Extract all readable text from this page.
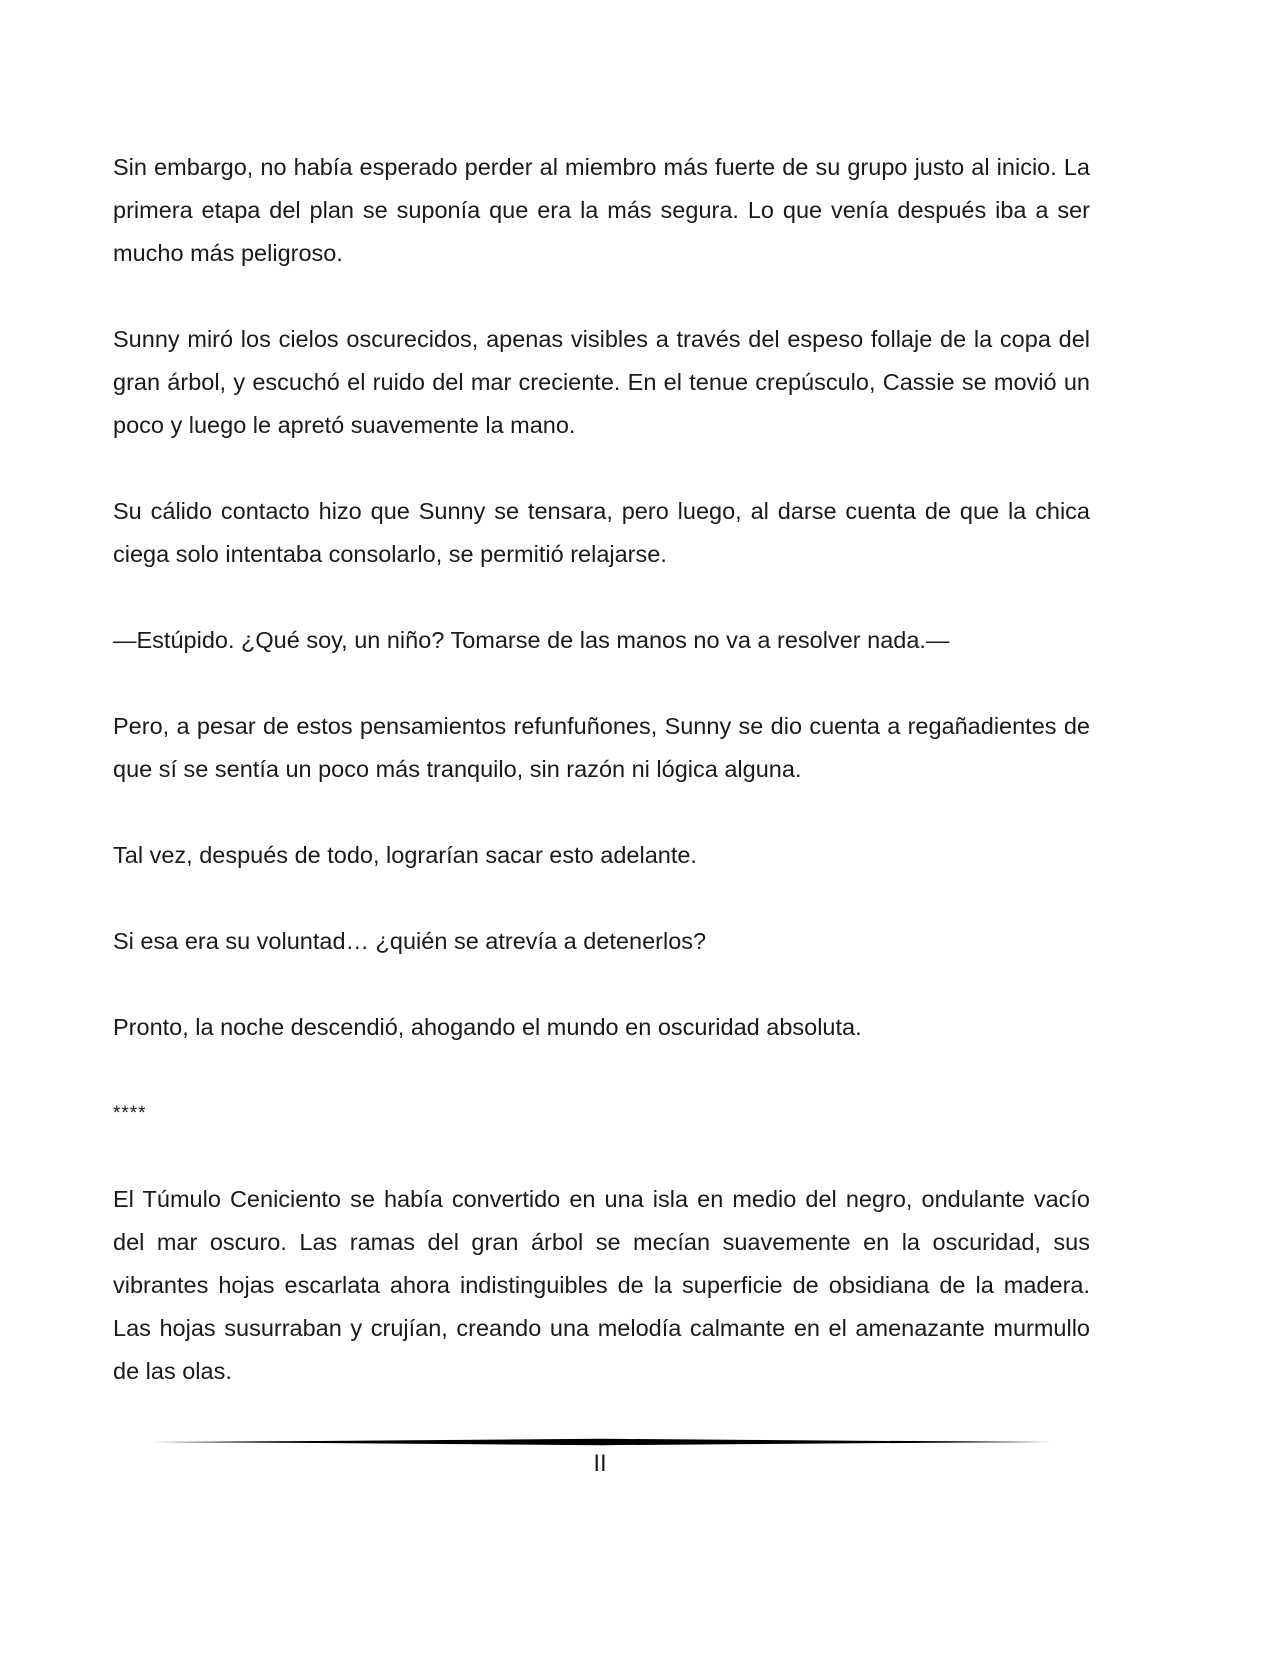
Sin embargo, no había esperado perder al miembro más fuerte de su grupo justo al inicio. La primera etapa del plan se suponía que era la más segura. Lo que venía después iba a ser mucho más peligroso.

Sunny miró los cielos oscurecidos, apenas visibles a través del espeso follaje de la copa del gran árbol, y escuchó el ruido del mar creciente. En el tenue crepúsculo, Cassie se movió un poco y luego le apretó suavemente la mano.

Su cálido contacto hizo que Sunny se tensara, pero luego, al darse cuenta de que la chica ciega solo intentaba consolarlo, se permitió relajarse.

—Estúpido. ¿Qué soy, un niño? Tomarse de las manos no va a resolver nada.—

Pero, a pesar de estos pensamientos refunfuñones, Sunny se dio cuenta a regañadientes de que sí se sentía un poco más tranquilo, sin razón ni lógica alguna.

Tal vez, después de todo, lograrían sacar esto adelante.

Si esa era su voluntad… ¿quién se atrevía a detenerlos?

Pronto, la noche descendió, ahogando el mundo en oscuridad absoluta.

****

El Túmulo Ceniciento se había convertido en una isla en medio del negro, ondulante vacío del mar oscuro. Las ramas del gran árbol se mecían suavemente en la oscuridad, sus vibrantes hojas escarlata ahora indistinguibles de la superficie de obsidiana de la madera. Las hojas susurraban y crujían, creando una melodía calmante en el amenazante murmullo de las olas.

II
